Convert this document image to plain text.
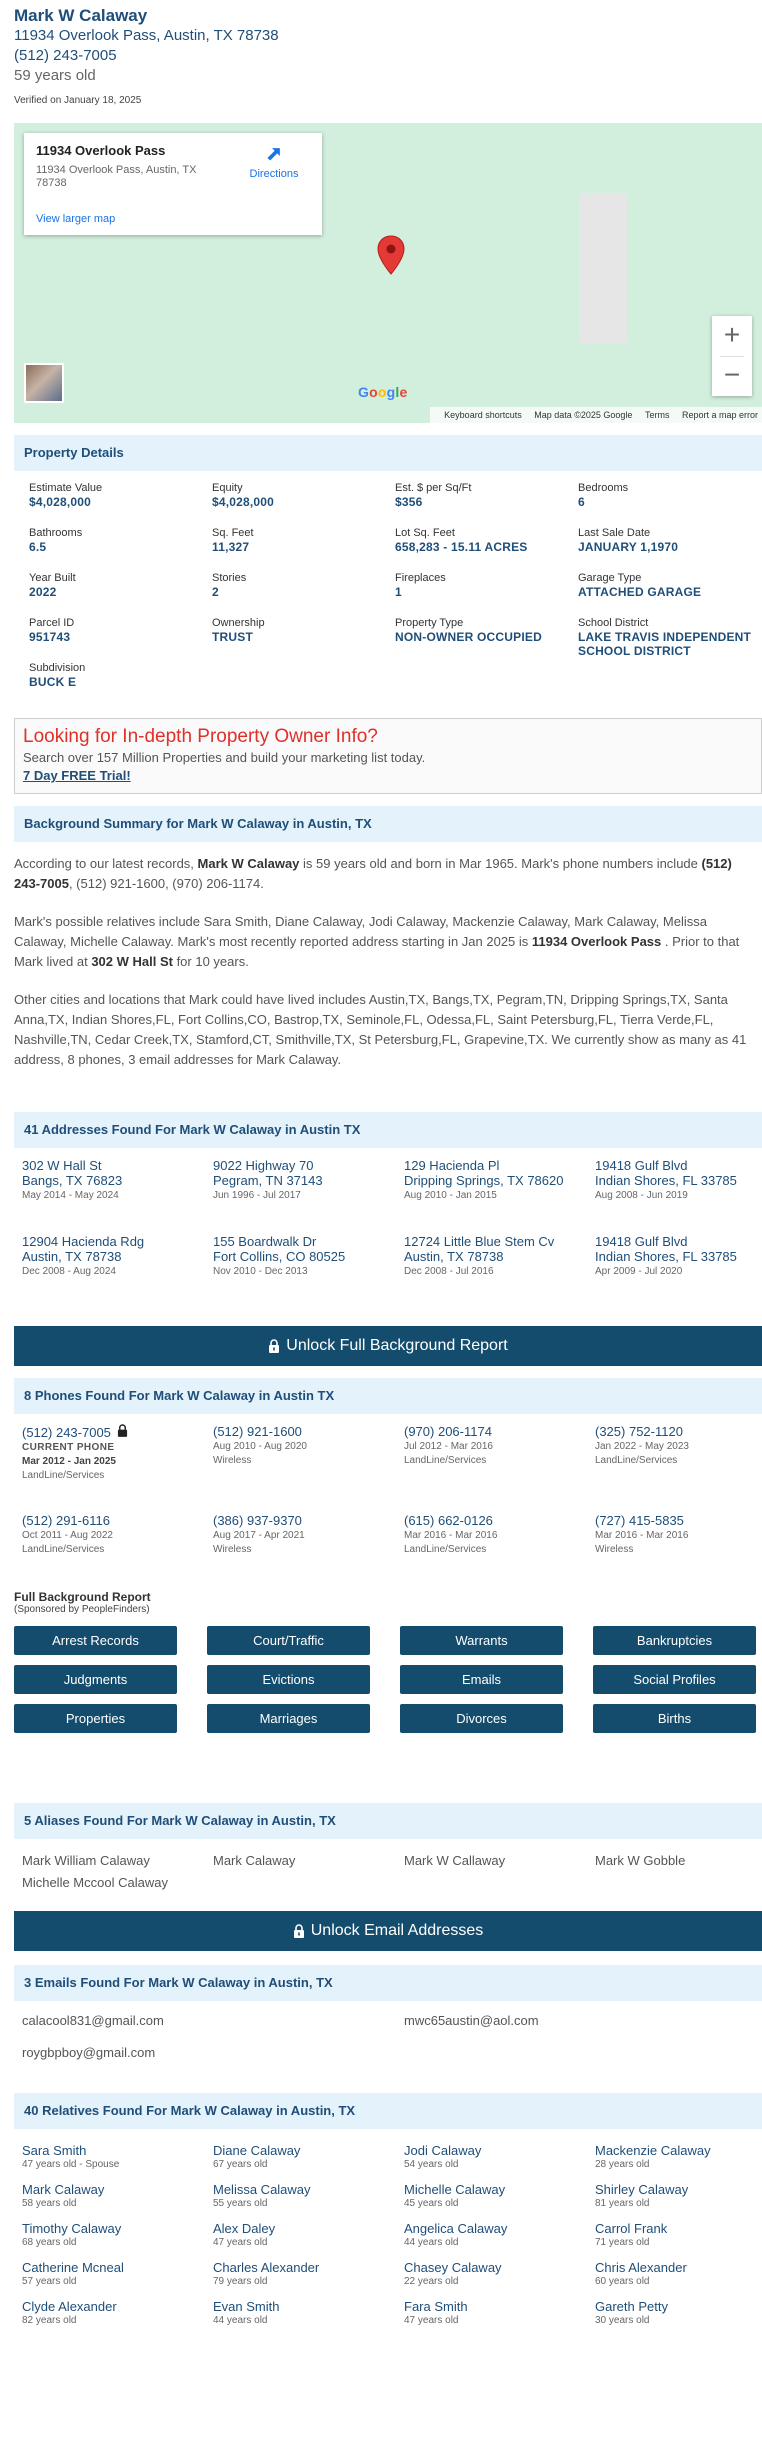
Mark W Calaway
11934 Overlook Pass, Austin, TX 78738
(512) 243-7005
59 years old
Verified on January 18, 2025
11934 Overlook Pass
11934 Overlook Pass, Austin, TX 78738
View larger map
Directions
+
−
Google
Keyboard shortcuts Map data ©2025 Google Terms Report a map error
Property Details
Estimate Value
$4,028,000
Equity
$4,028,000
Est. $ per Sq/Ft
$356
Bedrooms
6
Bathrooms
6.5
Sq. Feet
11,327
Lot Sq. Feet
658,283 - 15.11 ACRES
Last Sale Date
JANUARY 1,1970
Year Built
2022
Stories
2
Fireplaces
1
Garage Type
ATTACHED GARAGE
Parcel ID
951743
Ownership
TRUST
Property Type
NON-OWNER OCCUPIED
School District
LAKE TRAVIS INDEPENDENT SCHOOL DISTRICT
Subdivision
BUCK E
Looking for In-depth Property Owner Info?
Search over 157 Million Properties and build your marketing list today.
7 Day FREE Trial!
Background Summary for Mark W Calaway in Austin, TX
According to our latest records, Mark W Calaway is 59 years old and born in Mar 1965. Mark's phone numbers include (512) 243-7005, (512) 921-1600, (970) 206-1174.
Mark's possible relatives include Sara Smith, Diane Calaway, Jodi Calaway, Mackenzie Calaway, Mark Calaway, Melissa Calaway, Michelle Calaway. Mark's most recently reported address starting in Jan 2025 is 11934 Overlook Pass . Prior to that Mark lived at 302 W Hall St for 10 years.
Other cities and locations that Mark could have lived includes Austin,TX, Bangs,TX, Pegram,TN, Dripping Springs,TX, Santa Anna,TX, Indian Shores,FL, Fort Collins,CO, Bastrop,TX, Seminole,FL, Odessa,FL, Saint Petersburg,FL, Tierra Verde,FL, Nashville,TN, Cedar Creek,TX, Stamford,CT, Smithville,TX, St Petersburg,FL, Grapevine,TX. We currently show as many as 41 address, 8 phones, 3 email addresses for Mark Calaway.
41 Addresses Found For Mark W Calaway in Austin TX
302 W Hall St
Bangs, TX 76823
May 2014 - May 2024
9022 Highway 70
Pegram, TN 37143
Jun 1996 - Jul 2017
129 Hacienda Pl
Dripping Springs, TX 78620
Aug 2010 - Jan 2015
19418 Gulf Blvd
Indian Shores, FL 33785
Aug 2008 - Jun 2019
12904 Hacienda Rdg
Austin, TX 78738
Dec 2008 - Aug 2024
155 Boardwalk Dr
Fort Collins, CO 80525
Nov 2010 - Dec 2013
12724 Little Blue Stem Cv
Austin, TX 78738
Dec 2008 - Jul 2016
19418 Gulf Blvd
Indian Shores, FL 33785
Apr 2009 - Jul 2020
Unlock Full Background Report
8 Phones Found For Mark W Calaway in Austin TX
(512) 243-7005
CURRENT PHONE
Mar 2012 - Jan 2025
LandLine/Services
(512) 921-1600
Aug 2010 - Aug 2020
Wireless
(970) 206-1174
Jul 2012 - Mar 2016
LandLine/Services
(325) 752-1120
Jan 2022 - May 2023
LandLine/Services
(512) 291-6116
Oct 2011 - Aug 2022
LandLine/Services
(386) 937-9370
Aug 2017 - Apr 2021
Wireless
(615) 662-0126
Mar 2016 - Mar 2016
LandLine/Services
(727) 415-5835
Mar 2016 - Mar 2016
Wireless
Full Background Report
(Sponsored by PeopleFinders)
Arrest Records	Court/Traffic	Warrants	Bankruptcies
Judgments	Evictions	Emails	Social Profiles
Properties	Marriages	Divorces	Births
5 Aliases Found For Mark W Calaway in Austin, TX
Mark William Calaway	Mark Calaway	Mark W Callaway	Mark W Gobble
Michelle Mccool Calaway
Unlock Email Addresses
3 Emails Found For Mark W Calaway in Austin, TX
calacool831@gmail.com	mwc65austin@aol.com
roygbpboy@gmail.com
40 Relatives Found For Mark W Calaway in Austin, TX
Sara Smith
47 years old - Spouse
Diane Calaway
67 years old
Jodi Calaway
54 years old
Mackenzie Calaway
28 years old
Mark Calaway
58 years old
Melissa Calaway
55 years old
Michelle Calaway
45 years old
Shirley Calaway
81 years old
Timothy Calaway
68 years old
Alex Daley
47 years old
Angelica Calaway
44 years old
Carrol Frank
71 years old
Catherine Mcneal
57 years old
Charles Alexander
79 years old
Chasey Calaway
22 years old
Chris Alexander
60 years old
Clyde Alexander
82 years old
Evan Smith
44 years old
Fara Smith
47 years old
Gareth Petty
30 years old
